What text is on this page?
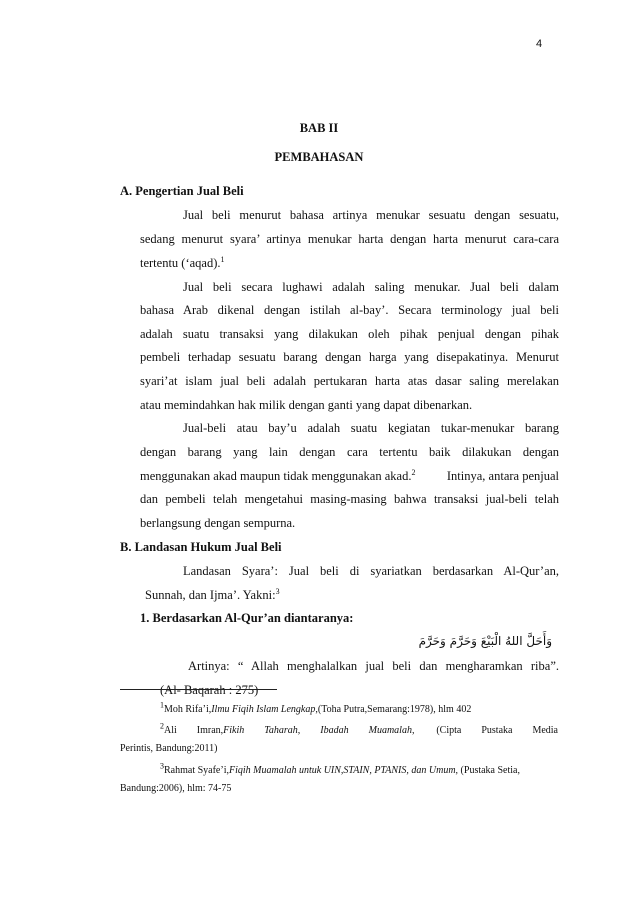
4
BAB II
PEMBAHASAN
A. Pengertian Jual Beli
Jual beli menurut bahasa artinya menukar sesuatu dengan sesuatu,
sedang menurut syara’ artinya menukar harta dengan harta menurut cara-cara
tertentu (‘aqad).$^1$
Jual beli secara lughawi adalah saling menukar. Jual beli dalam
bahasa Arab dikenal dengan istilah al-bay’. Secara terminology jual beli
adalah suatu transaksi yang dilakukan oleh pihak penjual dengan pihak
pembeli terhadap sesuatu barang dengan harga yang disepakatinya. Menurut
syari’at islam jual beli adalah pertukaran harta atas dasar saling merelakan
atau memindahkan hak milik dengan ganti yang dapat dibenarkan.
Jual-beli atau bay’u adalah suatu kegiatan tukar-menukar barang
dengan barang yang lain dengan cara tertentu baik dilakukan dengan
menggunakan akad maupun tidak menggunakan akad.$^2$	Intinya, antara penjual
dan pembeli telah mengetahui masing-masing bahwa transaksi jual-beli telah
berlangsung dengan sempurna.
B. Landasan Hukum Jual Beli
Landasan Syara’: Jual beli di syariatkan berdasarkan Al-Qur’an,
Sunnah, dan Ijma’. Yakni:$^3$
1. Berdasarkan Al-Qur’an diantaranya:
وَأَحَلَّ اللهُ الْبَيْعَ وَحَرَّمَ وَحَرَّمَ
Artinya: “ Allah menghalalkan jual beli dan mengharamkan riba”.
(Al- Baqarah : 275)
$^1$Moh Rifa’i,Ilmu Fiqih Islam Lengkap,(Toha Putra,Semarang:1978), hlm 402
$^2$Ali        Imran,Fikih        Taharah,        Ibadah        Muamalah, (Cipta        Pustaka        Media
Perintis, Bandung:2011)
$^3$Rahmat Syafe’i,Fiqih Muamalah untuk UIN,STAIN, PTANIS, dan Umum, (Pustaka Setia,
Bandung:2006), hlm: 74-75
